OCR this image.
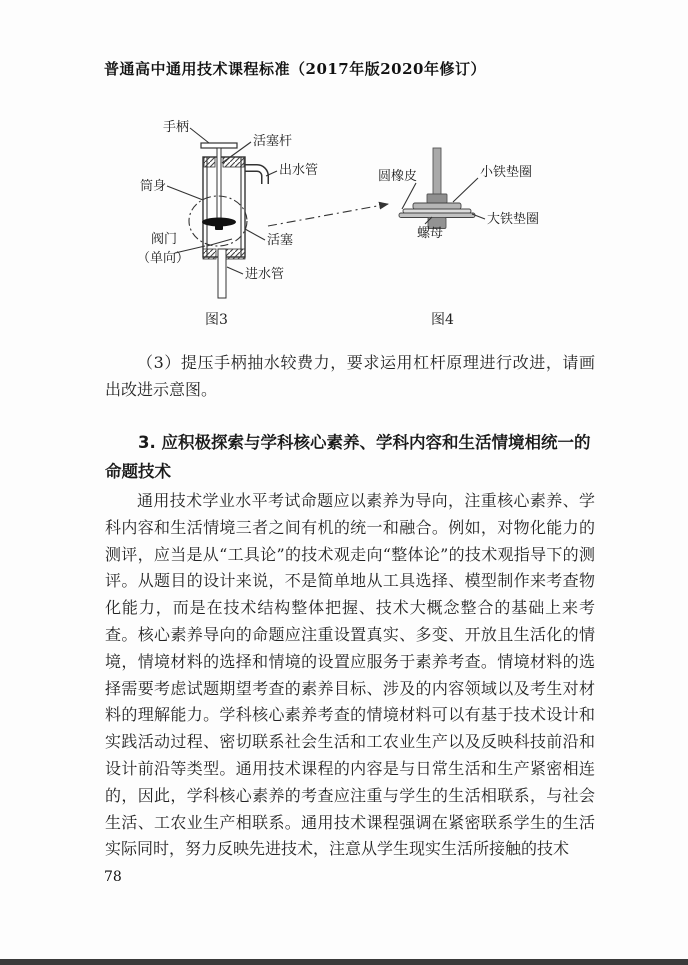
普通高中通用技术课程标准（2017年版2020年修订）
手柄
活塞杆
出水管
筒身
活塞
阀门
（单向）
进水管
图3
圆橡皮	小铁垫圈
大铁垫圈
螺母
图4

（3）提压手柄抽水较费力，要求运用杠杆原理进行改进，请画出改进示意图。

3. 应积极探索与学科核心素养、学科内容和生活情境相统一的命题技术

通用技术学业水平考试命题应以素养为导向，注重核心素养、学科内容和生活情境三者之间有机的统一和融合。例如，对物化能力的测评，应当是从“工具论”的技术观走向“整体论”的技术观指导下的测评。从题目的设计来说，不是简单地从工具选择、模型制作来考查物化能力，而是在技术结构整体把握、技术大概念整合的基础上来考查。核心素养导向的命题应注重设置真实、多变、开放且生活化的情境，情境材料的选择和情境的设置应服务于素养考查。情境材料的选择需要考虑试题期望考查的素养目标、涉及的内容领域以及考生对材料的理解能力。学科核心素养考查的情境材料可以有基于技术设计和实践活动过程、密切联系社会生活和工农业生产以及反映科技前沿和设计前沿等类型。通用技术课程的内容是与日常生活和生产紧密相连的，因此，学科核心素养的考查应注重与学生的生活相联系，与社会生活、工农业生产相联系。通用技术课程强调在紧密联系学生的生活实际同时，努力反映先进技术，注意从学生现实生活所接触的技术

78
